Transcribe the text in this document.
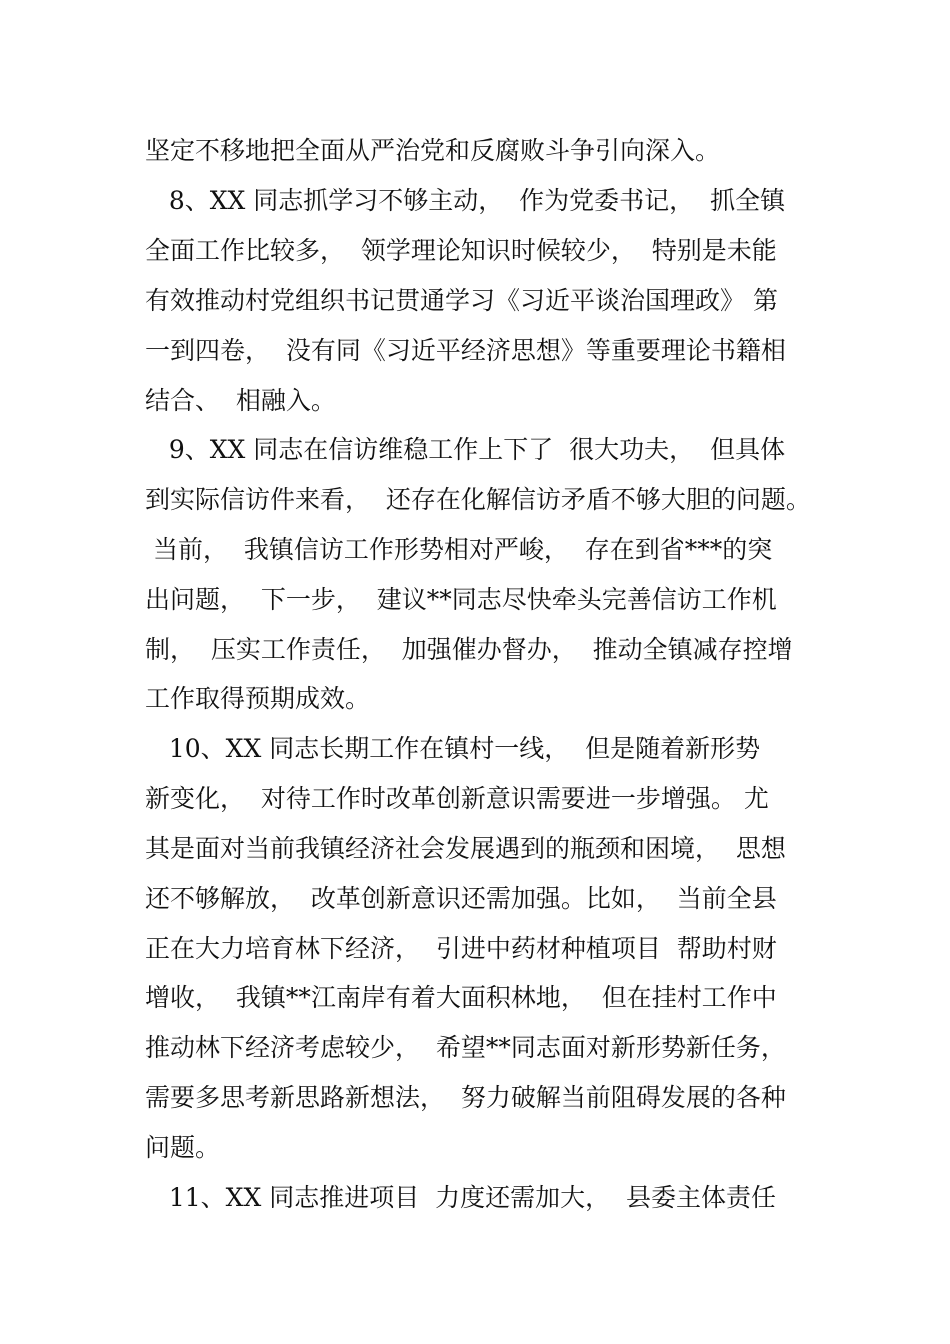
坚定不移地把全面从严治党和反腐败斗争引向深入。

8、XX 同志抓学习不够主动，  作为党委书记，  抓全镇

全面工作比较多，  领学理论知识时候较少，  特别是未能

有效推动村党组织书记贯通学习《习近平谈治国理政》 第

一到四卷，  没有同《习近平经济思想》等重要理论书籍相

结合、  相融入。

9、XX 同志在信访维稳工作上下了  很大功夫，  但具体

到实际信访件来看，  还存在化解信访矛盾不够大胆的问题。

当前，  我镇信访工作形势相对严峻，  存在到省***的突

出问题，  下一步，  建议**同志尽快牵头完善信访工作机

制，  压实工作责任，  加强催办督办，  推动全镇减存控增

工作取得预期成效。

10、XX 同志长期工作在镇村一线，  但是随着新形势

新变化，  对待工作时改革创新意识需要进一步增强。 尤

其是面对当前我镇经济社会发展遇到的瓶颈和困境，  思想

还不够解放，  改革创新意识还需加强。比如，  当前全县

正在大力培育林下经济，  引进中药材种植项目  帮助村财

增收，  我镇**江南岸有着大面积林地，  但在挂村工作中

推动林下经济考虑较少，  希望**同志面对新形势新任务，

需要多思考新思路新想法，  努力破解当前阻碍发展的各种

问题。

11、XX 同志推进项目  力度还需加大，  县委主体责任
